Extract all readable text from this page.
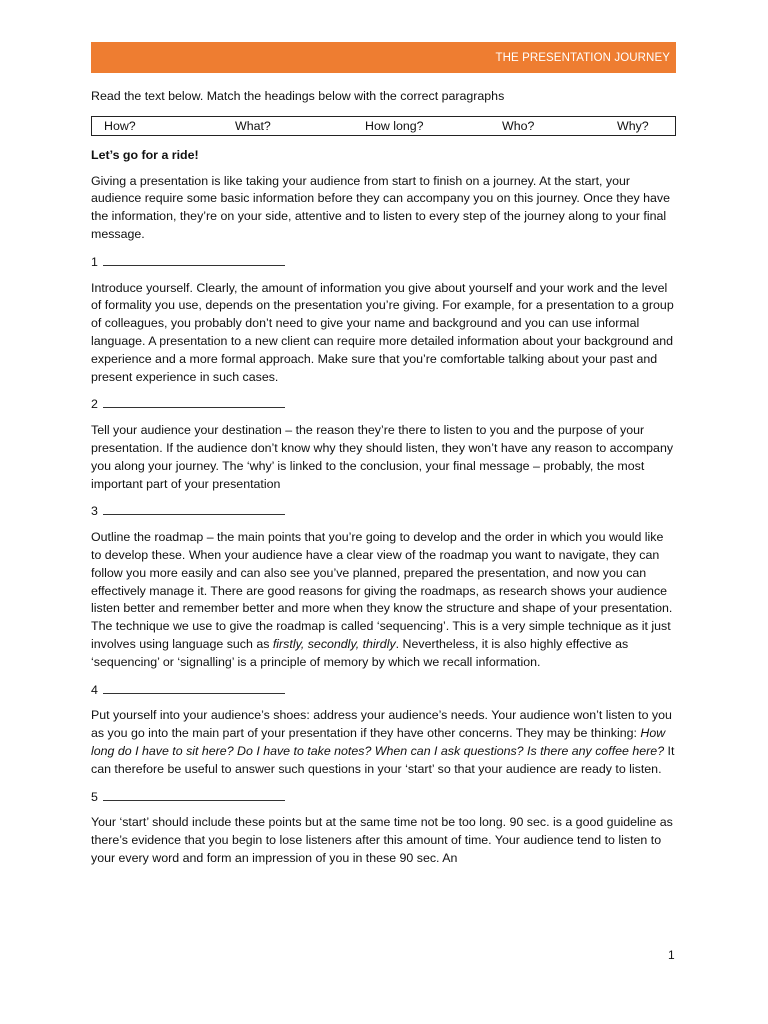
THE PRESENTATION JOURNEY
Read the text below. Match the headings below with the correct paragraphs
How?	What?	How long?	Who?	Why?
Let’s go for a ride!
Giving a presentation is like taking your audience from start to finish on a journey. At the start, your audience require some basic information before they can accompany you on this journey. Once they have the information, they’re on your side, attentive and to listen to every step of the journey along to your final message.
1
Introduce yourself. Clearly, the amount of information you give about yourself and your work and the level of formality you use, depends on the presentation you’re giving. For example, for a presentation to a group of colleagues, you probably don’t need to give your name and background and you can use informal language. A presentation to a new client can require more detailed information about your background and experience and a more formal approach. Make sure that you’re comfortable talking about your past and present experience in such cases.
2
Tell your audience your destination – the reason they’re there to listen to you and the purpose of your presentation. If the audience don’t know why they should listen, they won’t have any reason to accompany you along your journey. The ‘why’ is linked to the conclusion, your final message – probably, the most important part of your presentation
3
Outline the roadmap – the main points that you’re going to develop and the order in which you would like to develop these. When your audience have a clear view of the roadmap you want to navigate, they can follow you more easily and can also see you’ve planned, prepared the presentation, and now you can effectively manage it. There are good reasons for giving the roadmaps, as research shows your audience listen better and remember better and more when they know the structure and shape of your presentation. The technique we use to give the roadmap is called ‘sequencing’. This is a very simple technique as it just involves using language such as firstly, secondly, thirdly. Nevertheless, it is also highly effective as ‘sequencing’ or ‘signalling’ is a principle of memory by which we recall information.
4
Put yourself into your audience’s shoes: address your audience’s needs. Your audience won’t listen to you as you go into the main part of your presentation if they have other concerns. They may be thinking: How long do I have to sit here? Do I have to take notes? When can I ask questions? Is there any coffee here? It can therefore be useful to answer such questions in your ‘start’ so that your audience are ready to listen.
5
Your ‘start’ should include these points but at the same time not be too long. 90 sec. is a good guideline as there’s evidence that you begin to lose listeners after this amount of time. Your audience tend to listen to your every word and form an impression of you in these 90 sec. An
1
